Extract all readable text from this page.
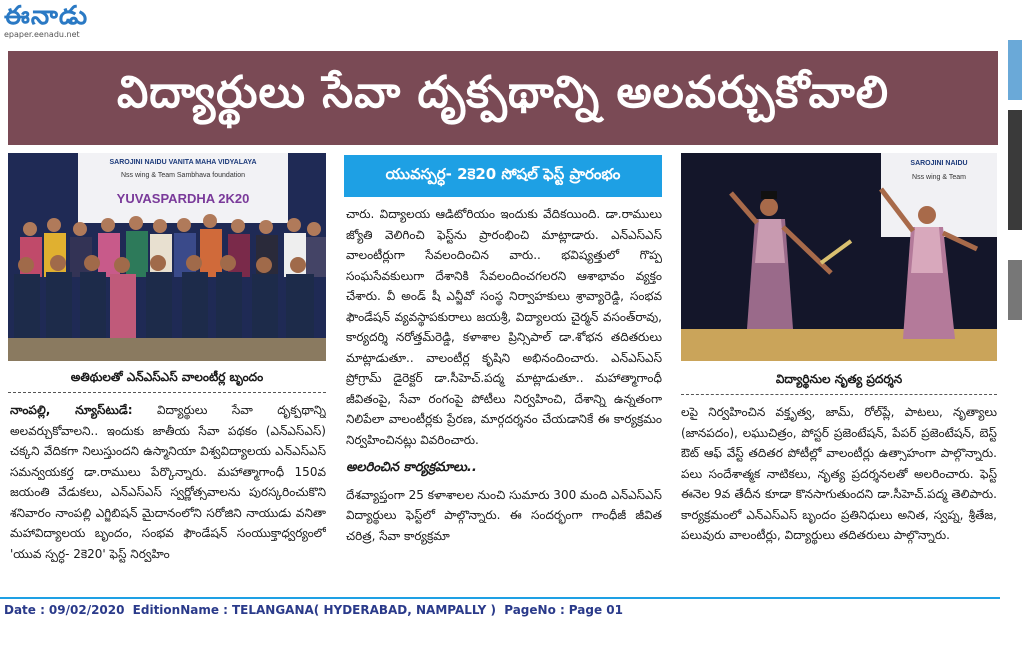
ఈనాడు
epaper.eenadu.net
విద్యార్థులు సేవా దృక్పథాన్ని అలవర్చుకోవాలి
SAROJINI NAIDU VANITA MAHA VIDYALAYA
Nss wing & Team Sambhava foundation
YUVASPARDHA 2K20
అతిథులతో ఎన్‌ఎస్‌ఎస్ వాలంటీర్ల బృందం
యువస్పర్ధ- 2కె20 సోషల్ ఫెస్ట్ ప్రారంభం
SAROJINI NAIDU
Nss wing & Team
విద్యార్థినుల నృత్య ప్రదర్శన

నాంపల్లి, న్యూస్‌టుడే: విద్యార్థులు సేవా దృక్పథాన్ని అలవర్చుకోవాలని.. ఇందుకు జాతీయ సేవా పథకం (ఎన్ఎస్ఎస్) చక్కని వేదికగా నిలుస్తుందని ఉస్మానియా విశ్వవిద్యాలయ ఎన్‌ఎస్‌ఎస్ సమన్వయకర్త డా.రాములు పేర్కొన్నారు. మహాత్మాగాంధీ 150వ జయంతి వేడుకలు, ఎన్‌ఎస్‌ఎస్ స్వర్ణోత్సవాలను పురస్కరించుకొని శనివారం నాంపల్లి ఎగ్జిబిషన్ మైదానంలోని సరోజిని నాయుడు వనితా మహావిద్యాలయ బృందం, సంభవ ఫౌండేషన్ సంయుక్తాధ్వర్యంలో 'యువ స్పర్ధ- 2కె20' ఫెస్ట్ నిర్వహిం

చారు. విద్యాలయ ఆడిటోరియం ఇందుకు వేదికయింది. డా.రాములు జ్యోతి వెలిగించి ఫెస్ట్‌ను ప్రారంభించి మాట్లాడారు. ఎన్‌ఎస్‌ఎస్ వాలంటీర్లుగా సేవలందించిన వారు.. భవిష్యత్తులో గొప్ప సంఘసేవకులుగా దేశానికి సేవలందించగలరని ఆశాభావం వ్యక్తం చేశారు. వీ అండ్ షీ ఎన్జీవో సంస్థ నిర్వాహకులు శ్రావ్యారెడ్డి, సంభవ ఫౌండేషన్ వ్యవస్థాపకురాలు జయశ్రీ, విద్యాలయ చైర్మన్ వసంత్‌రావు, కార్యదర్శి నరోత్తమ్‌రెడ్డి, కళాశాల ప్రిన్సిపాల్ డా.శోభన తదితరులు మాట్లాడుతూ.. వాలంటీర్ల కృషిని అభినందించారు. ఎన్‌ఎస్‌ఎస్ ప్రోగ్రామ్ డైరెక్టర్ డా.సీహెచ్.పద్మ మాట్లాడుతూ.. మహాత్మాగాంధీ జీవితంపై, సేవా రంగంపై పోటీలు నిర్వహించి, దేశాన్ని ఉన్నతంగా నిలిపేలా వాలంటీర్లకు ప్రేరణ, మార్గదర్శనం చేయడానికే ఈ కార్యక్రమం నిర్వహించినట్లు వివరించారు.

అలరించిన కార్యక్రమాలు..

దేశవ్యాప్తంగా 25 కళాశాలల నుంచి సుమారు 300 మంది ఎన్‌ఎస్‌ఎస్ విద్యార్థులు ఫెస్ట్‌లో పాల్గొన్నారు. ఈ సందర్భంగా గాంధీజీ జీవిత చరిత్ర, సేవా కార్యక్రమా

లపై నిర్వహించిన వక్తృత్వ, జామ్, రోల్‌ప్లే, పాటలు, నృత్యాలు (జానపదం), లఘుచిత్రం, పోస్టర్ ప్రజెంటేషన్, పేపర్ ప్రజెంటేషన్, బెస్ట్ ఔట్ ఆఫ్ వేస్ట్ తదితర పోటీల్లో వాలంటీర్లు ఉత్సాహంగా పాల్గొన్నారు. పలు సందేశాత్మక నాటికలు, నృత్య ప్రదర్శనలతో అలరించారు. ఫెస్ట్ ఈనెల 9వ తేదీన కూడా కొనసాగుతుందని డా.సీహెచ్.పద్మ తెలిపారు. కార్యక్రమంలో ఎన్‌ఎస్‌ఎస్ బృందం ప్రతినిధులు అనిత, స్వప్న, శ్రీతేజ, పలువురు వాలంటీర్లు, విద్యార్థులు తదితరులు పాల్గొన్నారు.

Date : 09/02/2020 EditionName : TELANGANA( HYDERABAD, NAMPALLY ) PageNo : Page 01
